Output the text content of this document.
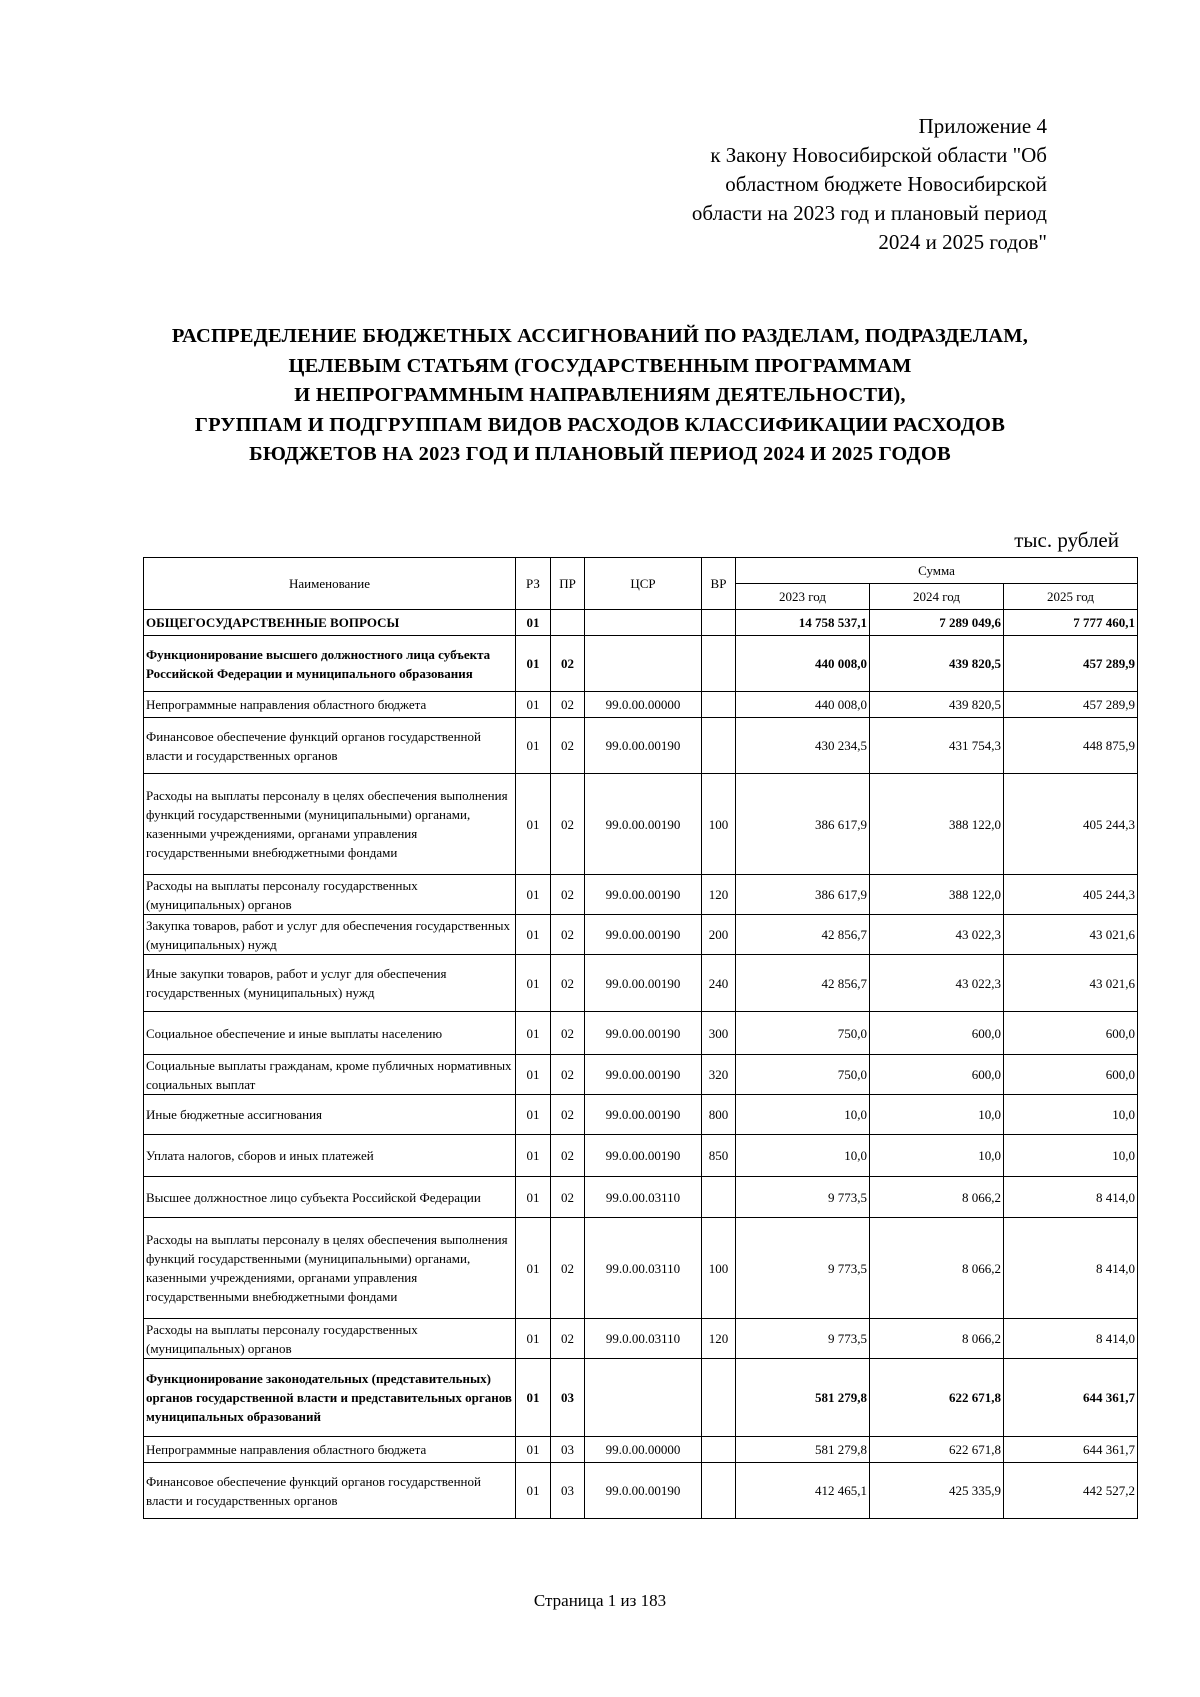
Приложение 4
к Закону Новосибирской области "Об
областном бюджете Новосибирской
области на 2023 год и плановый период
2024 и 2025 годов"
РАСПРЕДЕЛЕНИЕ БЮДЖЕТНЫХ АССИГНОВАНИЙ ПО РАЗДЕЛАМ, ПОДРАЗДЕЛАМ,
ЦЕЛЕВЫМ СТАТЬЯМ (ГОСУДАРСТВЕННЫМ ПРОГРАММАМ
И НЕПРОГРАММНЫМ НАПРАВЛЕНИЯМ ДЕЯТЕЛЬНОСТИ),
ГРУППАМ И ПОДГРУППАМ ВИДОВ РАСХОДОВ КЛАССИФИКАЦИИ РАСХОДОВ
БЮДЖЕТОВ НА 2023 ГОД И ПЛАНОВЫЙ ПЕРИОД 2024 И 2025 ГОДОВ
тыс. рублей
Наименование	РЗ	ПР	ЦСР	ВР	Сумма		
					2023 год	2024 год	2025 год
ОБЩЕГОСУДАРСТВЕННЫЕ ВОПРОСЫ	01				14 758 537,1	7 289 049,6	7 777 460,1
Функционирование высшего должностного лица субъекта Российской Федерации и муниципального образования	01	02			440 008,0	439 820,5	457 289,9
Непрограммные направления областного бюджета	01	02	99.0.00.00000		440 008,0	439 820,5	457 289,9
Финансовое обеспечение функций органов государственной власти и государственных органов	01	02	99.0.00.00190		430 234,5	431 754,3	448 875,9
Расходы на выплаты персоналу в целях обеспечения выполнения функций государственными (муниципальными) органами, казенными учреждениями, органами управления государственными внебюджетными фондами	01	02	99.0.00.00190	100	386 617,9	388 122,0	405 244,3
Расходы на выплаты персоналу государственных (муниципальных) органов	01	02	99.0.00.00190	120	386 617,9	388 122,0	405 244,3
Закупка товаров, работ и услуг для обеспечения государственных (муниципальных) нужд	01	02	99.0.00.00190	200	42 856,7	43 022,3	43 021,6
Иные закупки товаров, работ и услуг для обеспечения государственных (муниципальных) нужд	01	02	99.0.00.00190	240	42 856,7	43 022,3	43 021,6
Социальное обеспечение и иные выплаты населению	01	02	99.0.00.00190	300	750,0	600,0	600,0
Социальные выплаты гражданам, кроме публичных нормативных социальных выплат	01	02	99.0.00.00190	320	750,0	600,0	600,0
Иные бюджетные ассигнования	01	02	99.0.00.00190	800	10,0	10,0	10,0
Уплата налогов, сборов и иных платежей	01	02	99.0.00.00190	850	10,0	10,0	10,0
Высшее должностное лицо субъекта Российской Федерации	01	02	99.0.00.03110		9 773,5	8 066,2	8 414,0
Расходы на выплаты персоналу в целях обеспечения выполнения функций государственными (муниципальными) органами, казенными учреждениями, органами управления государственными внебюджетными фондами	01	02	99.0.00.03110	100	9 773,5	8 066,2	8 414,0
Расходы на выплаты персоналу государственных (муниципальных) органов	01	02	99.0.00.03110	120	9 773,5	8 066,2	8 414,0
Функционирование законодательных (представительных) органов государственной власти и представительных органов муниципальных образований	01	03			581 279,8	622 671,8	644 361,7
Непрограммные направления областного бюджета	01	03	99.0.00.00000		581 279,8	622 671,8	644 361,7
Финансовое обеспечение функций органов государственной власти и государственных органов	01	03	99.0.00.00190		412 465,1	425 335,9	442 527,2
Страница 1 из 183
